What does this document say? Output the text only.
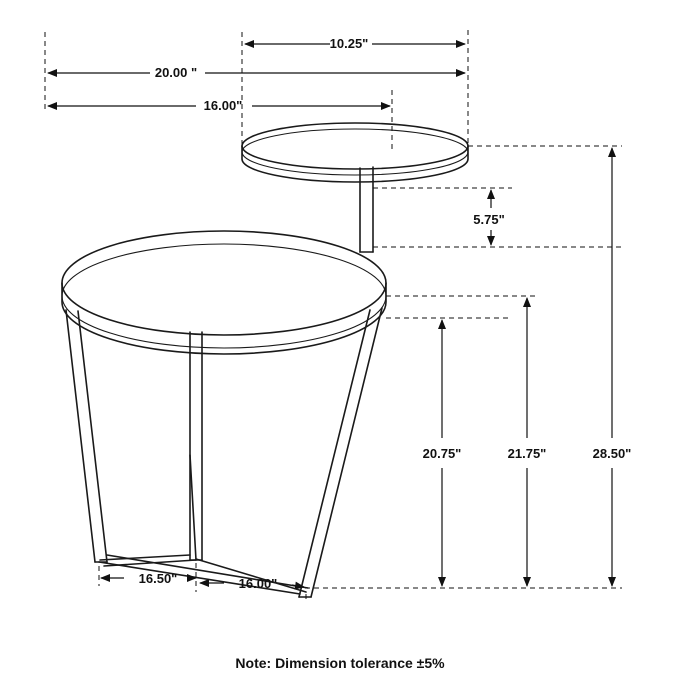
10.25"
20.00 "
16.00"
5.75"
20.75"	21.75"	28.50"
16.50"	16.00"
Note: Dimension tolerance ±5%
